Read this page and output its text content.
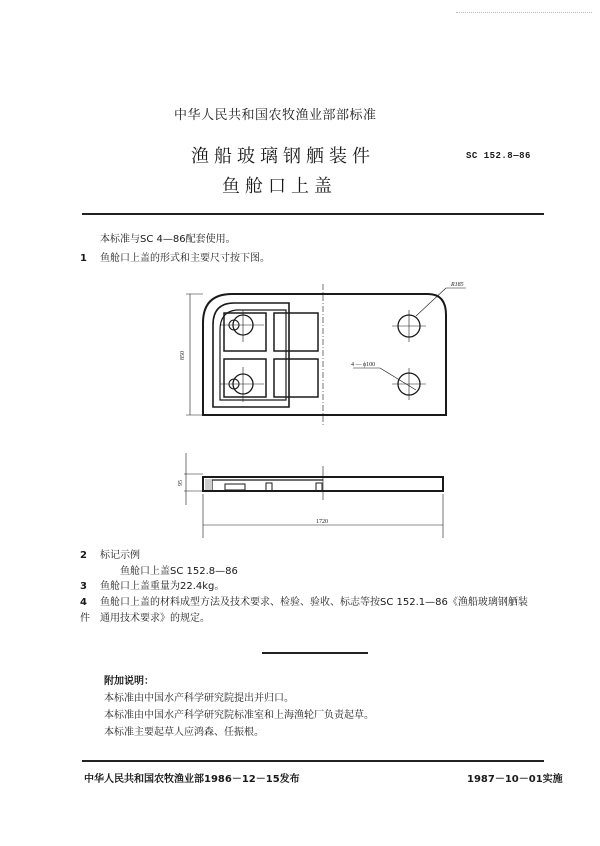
中华人民共和国农牧渔业部部标准
渔船玻璃钢舾装件
鱼舱口上盖
SC 152.8—86
本标准与SC 4—86配套使用。
1 鱼舱口上盖的形式和主要尺寸按下图。
850
R185
4 — ϕ100
95
1720
2 标记示例
鱼舱口上盖SC 152.8—86
3 鱼舱口上盖重量为22.4kg。
4 鱼舱口上盖的材料成型方法及技术要求、检验、验收、标志等按SC 152.1—86《渔船玻璃钢舾装
件　通用技术要求》的规定。
附加说明：
本标准由中国水产科学研究院提出并归口。
本标准由中国水产科学研究院标准室和上海渔轮厂负责起草。
本标准主要起草人应鸿森、任振根。
中华人民共和国农牧渔业部1986－12－15发布	1987－10－01实施
